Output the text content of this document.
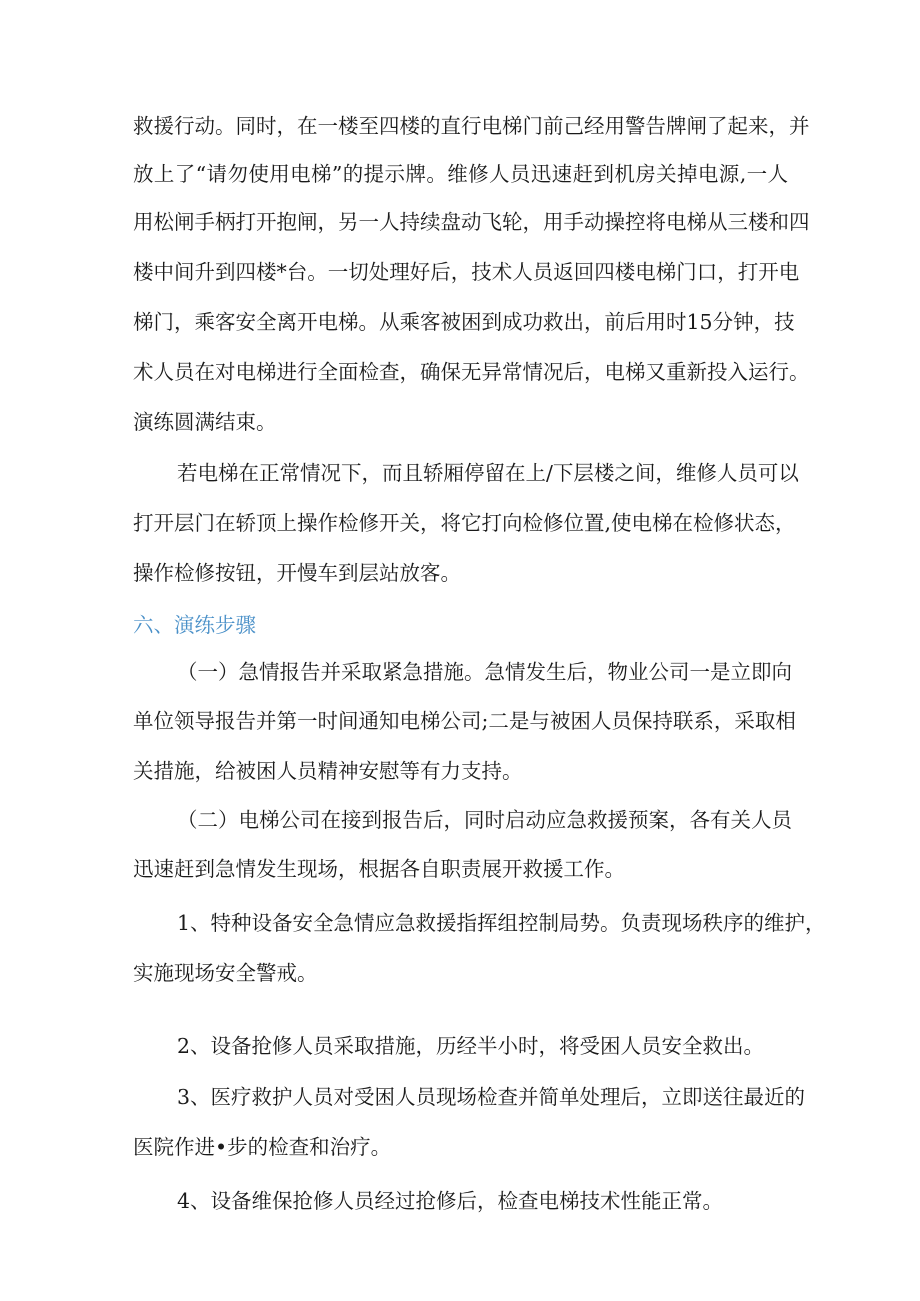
救 援 行 动 。 同 时 ， 在 一 楼 至 四 楼 的 直 行 电 梯 门 前 己 经 用 警 告 牌 闸 了 起 来 ， 并
放 上 了 “ 请 勿 使 用 电 梯 ” 的 提 示 牌 。 维 修 人 员 迅 速 赶 到 机 房 关 掉 电 源 , 一 人
用 松 闸 手 柄 打 开 抱 闸 ， 另 一 人 持 续 盘 动 飞 轮 ， 用 手 动 操 控 将 电 梯 从 三 楼 和 四
楼 中 间 升 到 四 楼 * 台 。 一 切 处 理 好 后 ， 技 术 人 员 返 回 四 楼 电 梯 门 口 ， 打 开 电
梯 门 ， 乘 客 安 全 离 开 电 梯 。 从 乘 客 被 困 到 成 功 救 出 ， 前 后 用 时 1 5 分 钟 ， 技
术 人 员 在 对 电 梯 进 行 全 面 检 查 ， 确 保 无 异 常 情 况 后 ， 电 梯 又 重 新 投 入 运 行 。
演练圆满结束。
若电梯在正常情况下，而且轿厢停留在上/下层楼之间，维修人员可以
打开层门在轿顶上操作检修开关，将它打向检修位置,使电梯在检修状态，
操作检修按钮，开慢车到层站放客。
六、演练步骤
（一）急情报告并采取紧急措施。急情发生后，物业公司一是立即向
单位领导报告并第一时间通知电梯公司;二是与被困人员保持联系，采取相
关措施，给被困人员精神安慰等有力支持。
（二）电梯公司在接到报告后，同时启动应急救援预案，各有关人员
迅速赶到急情发生现场，根据各自职责展开救援工作。
1、特种设备安全急情应急救援指挥组控制局势。负责现场秩序的维护，
实施现场安全警戒。
2、设备抢修人员采取措施，历经半小时，将受困人员安全救出。
3、医疗救护人员对受困人员现场检查并简单处理后，立即送往最近的
医院作进•步的检查和治疗。
4、设备维保抢修人员经过抢修后，检查电梯技术性能正常。
